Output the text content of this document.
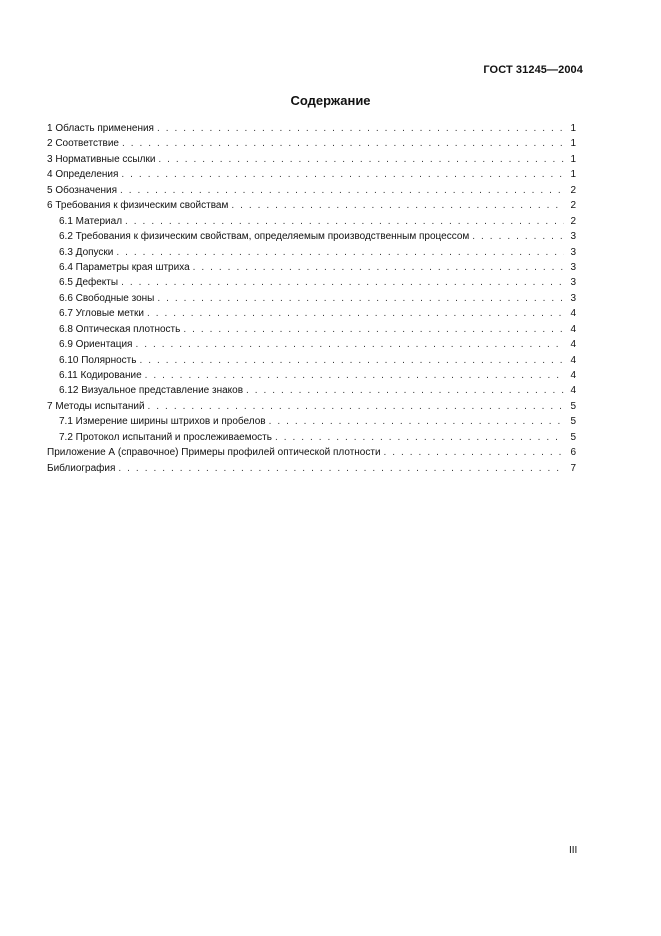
ГОСТ 31245—2004
Содержание
1 Область применения . . .	1
2 Соответствие . . .	1
3 Нормативные ссылки . . .	1
4 Определения . . .	1
5 Обозначения . . .	2
6 Требования к физическим свойствам . . .	2
6.1 Материал . . .	2
6.2 Требования к физическим свойствам, определяемым производственным процессом . . .	3
6.3 Допуски . . .	3
6.4 Параметры края штриха . . .	3
6.5 Дефекты . . .	3
6.6 Свободные зоны . . .	3
6.7 Угловые метки . . .	4
6.8 Оптическая плотность . . .	4
6.9 Ориентация . . .	4
6.10 Полярность . . .	4
6.11 Кодирование . . .	4
6.12 Визуальное представление знаков . . .	4
7 Методы испытаний . . .	5
7.1 Измерение ширины штрихов и пробелов . . .	5
7.2 Протокол испытаний и прослеживаемость . . .	5
Приложение А (справочное) Примеры профилей оптической плотности . . .	6
Библиография . . .	7
III
